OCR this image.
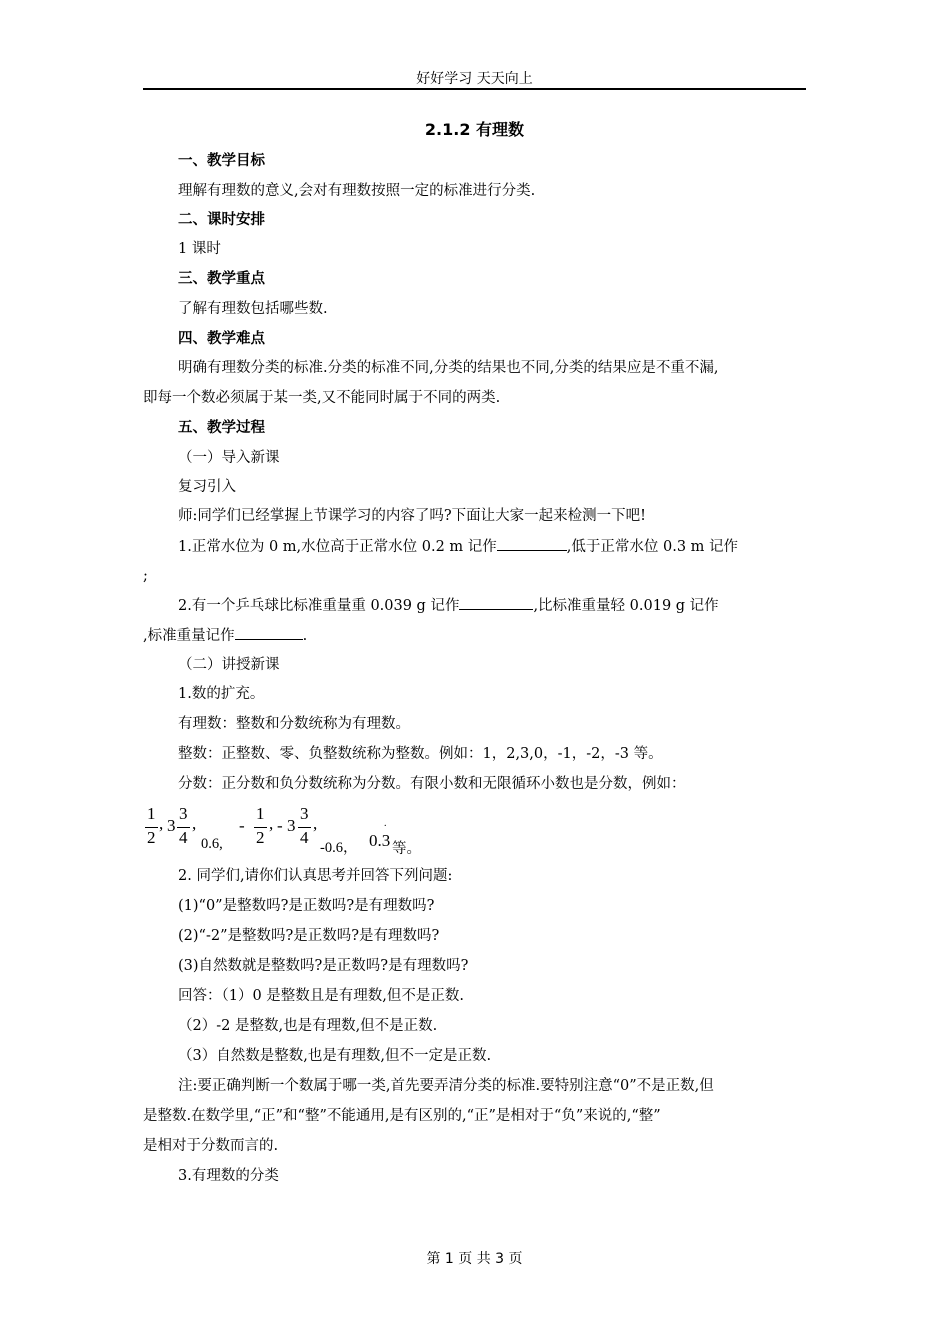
好好学习 天天向上
2.1.2 有理数
一、教学目标
理解有理数的意义,会对有理数按照一定的标准进行分类.
二、课时安排
1 课时
三、教学重点
了解有理数包括哪些数.
四、教学难点
明确有理数分类的标准.分类的标准不同,分类的结果也不同,分类的结果应是不重不漏,
即每一个数必须属于某一类,又不能同时属于不同的两类.
五、教学过程
（一）导入新课
复习引入
师:同学们已经掌握上节课学习的内容了吗?下面让大家一起来检测一下吧!
1.正常水位为 0 m,水位高于正常水位 0.2 m 记作	,低于正常水位 0.3 m 记作
;
2.有一个乒乓球比标准重量重 0.039 g 记作	,比标准重量轻 0.019 g 记作
,标准重量记作	.
（二）讲授新课
1.数的扩充。
有理数：整数和分数统称为有理数。
整数：正整数、零、负整数统称为整数。例如：1，2,3,0，-1，-2，-3 等。
分数：正分数和负分数统称为分数。有限小数和无限循环小数也是分数，例如：
1
2
, 3
3
4
,
0.6,
-
1
2
, - 3
3
4
,
-0.6， 0.3
.
等。
2. 同学们,请你们认真思考并回答下列问题:
(1)“0”是整数吗?是正数吗?是有理数吗?
(2)“-2”是整数吗?是正数吗?是有理数吗?
(3)自然数就是整数吗?是正数吗?是有理数吗?
回答：（1）0 是整数且是有理数,但不是正数.
（2）-2 是整数,也是有理数,但不是正数.
（3）自然数是整数,也是有理数,但不一定是正数.
注:要正确判断一个数属于哪一类,首先要弄清分类的标准.要特别注意“0”不是正数,但
是整数.在数学里,“正”和“整”不能通用,是有区别的,“正”是相对于“负”来说的,“整”
是相对于分数而言的.
3.有理数的分类
第 1 页 共 3 页
